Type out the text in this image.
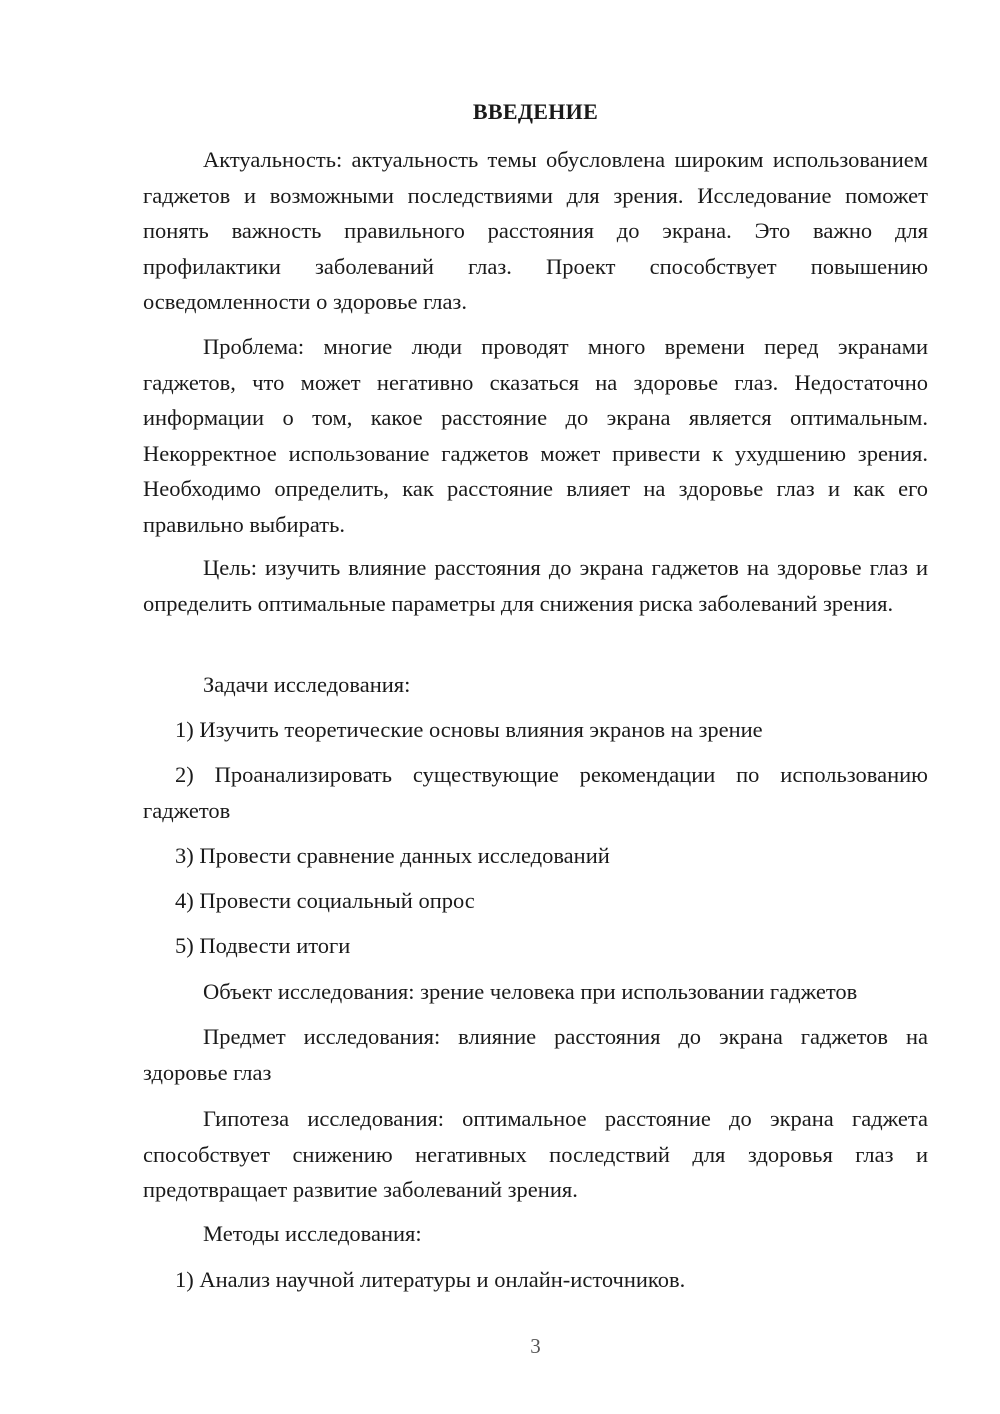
ВВЕДЕНИЕ

Актуальность: актуальность темы обусловлена широким использованием гаджетов и возможными последствиями для зрения. Исследование поможет понять важность правильного расстояния до экрана. Это важно для профилактики заболеваний глаз. Проект способствует повышению осведомленности о здоровье глаз.

Проблема: многие люди проводят много времени перед экранами гаджетов, что может негативно сказаться на здоровье глаз. Недостаточно информации о том, какое расстояние до экрана является оптимальным. Некорректное использование гаджетов может привести к ухудшению зрения. Необходимо определить, как расстояние влияет на здоровье глаз и как его правильно выбирать.

Цель: изучить влияние расстояния до экрана гаджетов на здоровье глаз и определить оптимальные параметры для снижения риска заболеваний зрения.

Задачи исследования:

1) Изучить теоретические основы влияния экранов на зрение

2) Проанализировать существующие рекомендации по использованию гаджетов

3) Провести сравнение данных исследований

4) Провести социальный опрос

5) Подвести итоги

Объект исследования: зрение человека при использовании гаджетов

Предмет исследования: влияние расстояния до экрана гаджетов на здоровье глаз

Гипотеза исследования: оптимальное расстояние до экрана гаджета способствует снижению негативных последствий для здоровья глаз и предотвращает развитие заболеваний зрения.

Методы исследования:

1) Анализ научной литературы и онлайн-источников.

3
